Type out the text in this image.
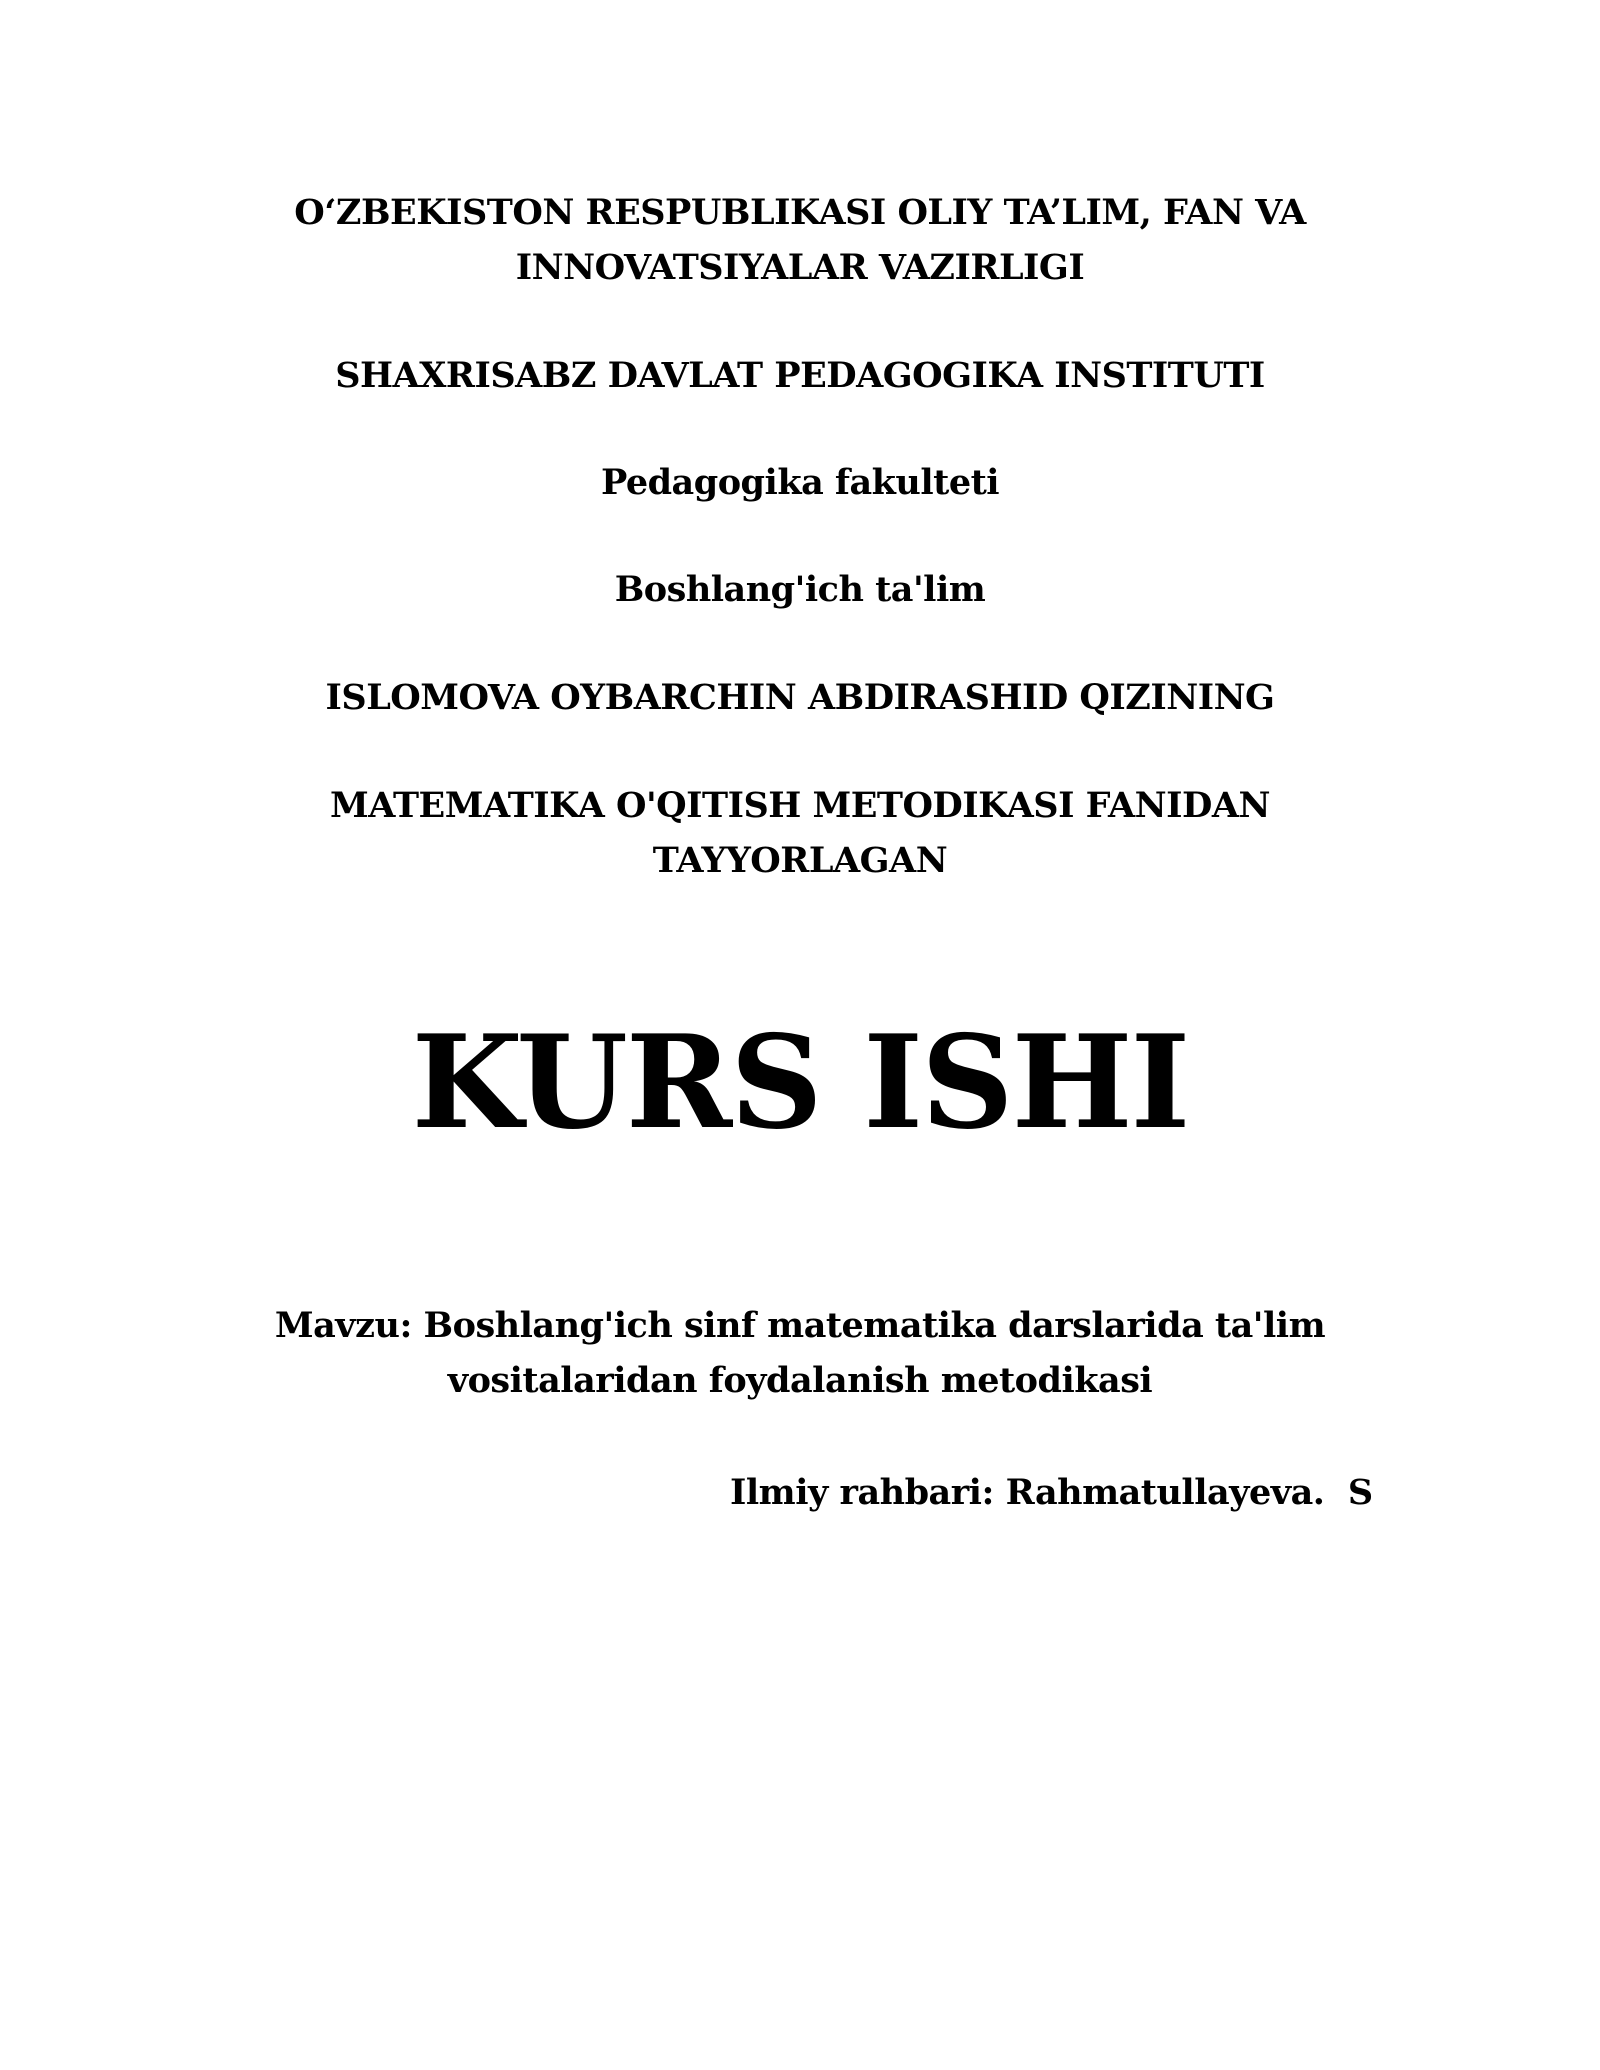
O‘ZBEKISTON RESPUBLIKASI OLIY TA’LIM, FAN VA
INNOVATSIYALAR VAZIRLIGI
SHAXRISABZ DAVLAT PEDAGOGIKA INSTITUTI
Pedagogika fakulteti
Boshlang'ich ta'lim
ISLOMOVA OYBARCHIN ABDIRASHID QIZINING
MATEMATIKA O'QITISH METODIKASI FANIDAN
TAYYORLAGAN
KURS ISHI
Mavzu: Boshlang'ich sinf matematika darslarida ta'lim
vositalaridan foydalanish metodikasi
Ilmiy rahbari: Rahmatullayeva.  S
